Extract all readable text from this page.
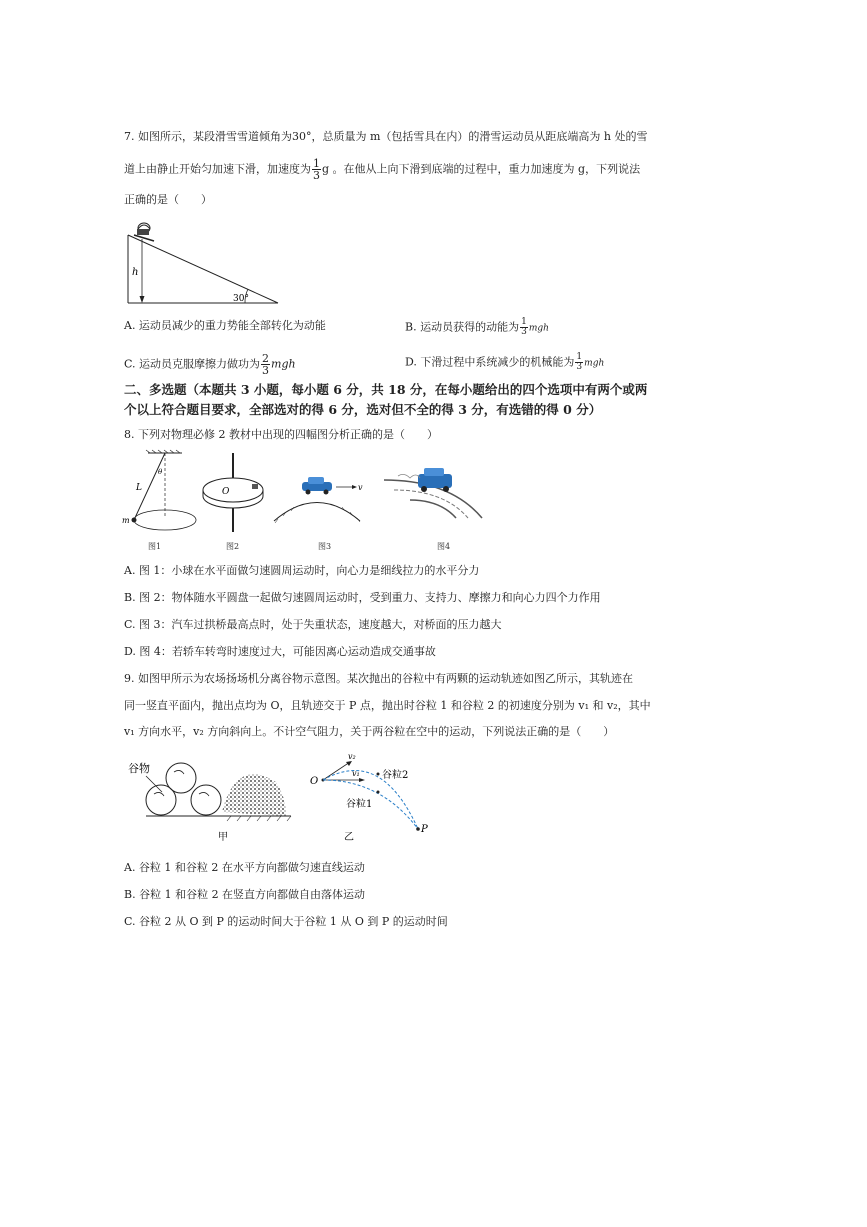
7. 如图所示，某段滑雪雪道倾角为30°，总质量为 m（包括雪具在内）的滑雪运动员从距底端高为 h 处的雪
道上由静止开始匀加速下滑，加速度为 $\frac{1}{3}$ g 。在他从上向下滑到底端的过程中，重力加速度为 g，下列说法
正确的是（　　）
h
30°
A. 运动员减少的重力势能全部转化为动能	B. 运动员获得的动能为 $\frac{1}{3}$ mgh
C. 运动员克服摩擦力做功为 $\frac{2}{3}$ mgh	D. 下滑过程中系统减少的机械能为 $\frac{1}{3}$ mgh
二、多选题（本题共 3 小题，每小题 6 分，共 18 分，在每小题给出的四个选项中有两个或两
个以上符合题目要求，全部选对的得 6 分，选对但不全的得 3 分，有选错的得 0 分）
8. 下列对物理必修 2 教材中出现的四幅图分析正确的是（　　）
L
θ
m
O	v
图1	图2	图3	图4
A. 图 1：小球在水平面做匀速圆周运动时，向心力是细线拉力的水平分力
B. 图 2：物体随水平圆盘一起做匀速圆周运动时，受到重力、支持力、摩擦力和向心力四个力作用
C. 图 3：汽车过拱桥最高点时，处于失重状态，速度越大，对桥面的压力越大
D. 图 4：若轿车转弯时速度过大，可能因离心运动造成交通事故
9. 如图甲所示为农场扬场机分离谷物示意图。某次抛出的谷粒中有两颗的运动轨迹如图乙所示，其轨迹在
同一竖直平面内，抛出点均为 O，且轨迹交于 P 点，抛出时谷粒 1 和谷粒 2 的初速度分别为 v₁ 和 v₂，其中
v₁ 方向水平，v₂ 方向斜向上。不计空气阻力，关于两谷粒在空中的运动，下列说法正确的是（　　）
谷物
甲
O
v₂
v₁ 谷粒2
谷粒1
P
乙
A. 谷粒 1 和谷粒 2 在水平方向都做匀速直线运动
B. 谷粒 1 和谷粒 2 在竖直方向都做自由落体运动
C. 谷粒 2 从 O 到 P 的运动时间大于谷粒 1 从 O 到 P 的运动时间
